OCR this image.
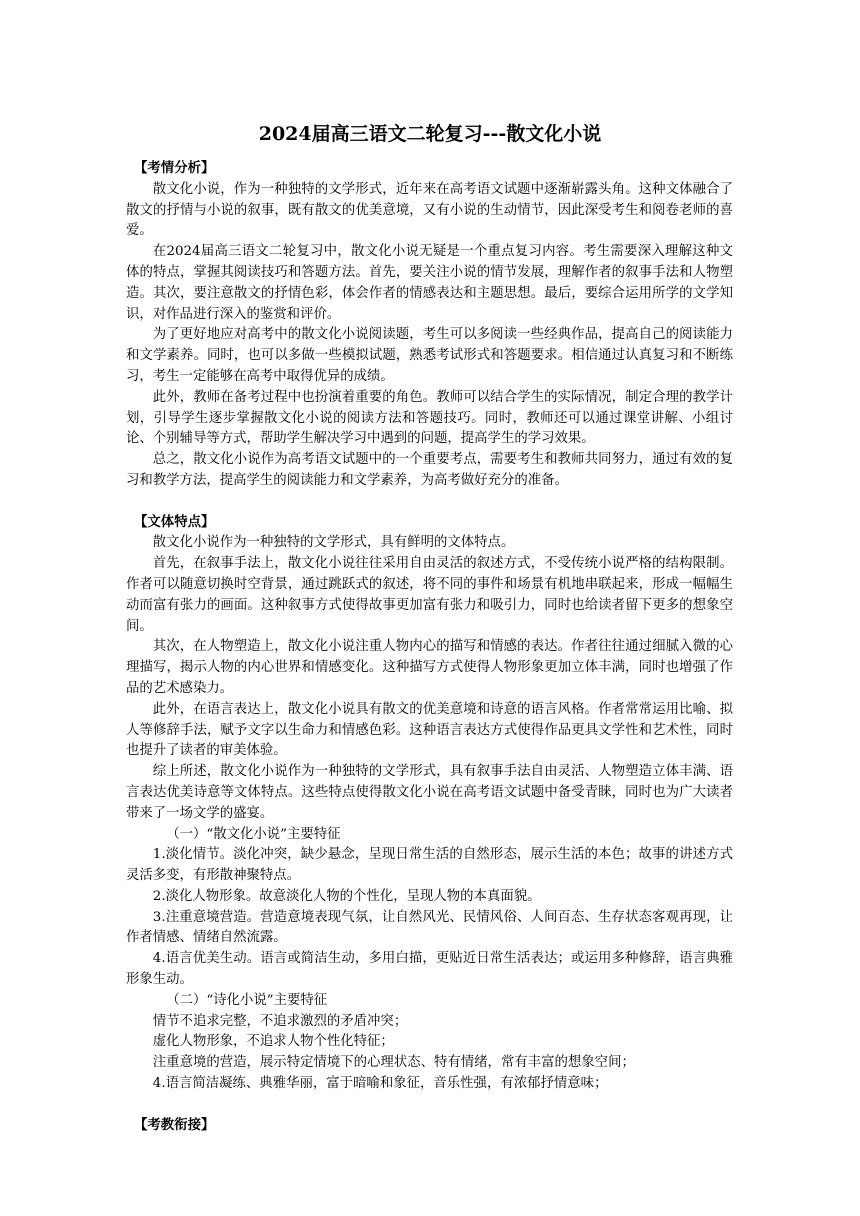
2024届高三语文二轮复习---散文化小说

【考情分析】

散文化小说，作为一种独特的文学形式，近年来在高考语文试题中逐渐崭露头角。这种文体融合了散文的抒情与小说的叙事，既有散文的优美意境，又有小说的生动情节，因此深受考生和阅卷老师的喜爱。

在2024届高三语文二轮复习中，散文化小说无疑是一个重点复习内容。考生需要深入理解这种文体的特点，掌握其阅读技巧和答题方法。首先，要关注小说的情节发展，理解作者的叙事手法和人物塑造。其次，要注意散文的抒情色彩，体会作者的情感表达和主题思想。最后，要综合运用所学的文学知识，对作品进行深入的鉴赏和评价。

为了更好地应对高考中的散文化小说阅读题，考生可以多阅读一些经典作品，提高自己的阅读能力和文学素养。同时，也可以多做一些模拟试题，熟悉考试形式和答题要求。相信通过认真复习和不断练习，考生一定能够在高考中取得优异的成绩。

此外，教师在备考过程中也扮演着重要的角色。教师可以结合学生的实际情况，制定合理的教学计划，引导学生逐步掌握散文化小说的阅读方法和答题技巧。同时，教师还可以通过课堂讲解、小组讨论、个别辅导等方式，帮助学生解决学习中遇到的问题，提高学生的学习效果。

总之，散文化小说作为高考语文试题中的一个重要考点，需要考生和教师共同努力，通过有效的复习和教学方法，提高学生的阅读能力和文学素养，为高考做好充分的准备。

【文体特点】

散文化小说作为一种独特的文学形式，具有鲜明的文体特点。

首先，在叙事手法上，散文化小说往往采用自由灵活的叙述方式，不受传统小说严格的结构限制。作者可以随意切换时空背景，通过跳跃式的叙述，将不同的事件和场景有机地串联起来，形成一幅幅生动而富有张力的画面。这种叙事方式使得故事更加富有张力和吸引力，同时也给读者留下更多的想象空间。

其次，在人物塑造上，散文化小说注重人物内心的描写和情感的表达。作者往往通过细腻入微的心理描写，揭示人物的内心世界和情感变化。这种描写方式使得人物形象更加立体丰满，同时也增强了作品的艺术感染力。

此外，在语言表达上，散文化小说具有散文的优美意境和诗意的语言风格。作者常常运用比喻、拟人等修辞手法，赋予文字以生命力和情感色彩。这种语言表达方式使得作品更具文学性和艺术性，同时也提升了读者的审美体验。

综上所述，散文化小说作为一种独特的文学形式，具有叙事手法自由灵活、人物塑造立体丰满、语言表达优美诗意等文体特点。这些特点使得散文化小说在高考语文试题中备受青睐，同时也为广大读者带来了一场文学的盛宴。

（一）“散文化小说”主要特征

1.淡化情节。淡化冲突，缺少悬念，呈现日常生活的自然形态，展示生活的本色；故事的讲述方式灵活多变，有形散神聚特点。

2.淡化人物形象。故意淡化人物的个性化，呈现人物的本真面貌。

3.注重意境营造。营造意境表现气氛，让自然风光、民情风俗、人间百态、生存状态客观再现，让作者情感、情绪自然流露。

4.语言优美生动。语言或简洁生动，多用白描，更贴近日常生活表达；或运用多种修辞，语言典雅形象生动。

（二）“诗化小说”主要特征

情节不追求完整，不追求激烈的矛盾冲突；

虚化人物形象，不追求人物个性化特征；

注重意境的营造，展示特定情境下的心理状态、特有情绪，常有丰富的想象空间；

4.语言简洁凝练、典雅华丽，富于暗喻和象征，音乐性强，有浓郁抒情意味；

【考教衔接】
